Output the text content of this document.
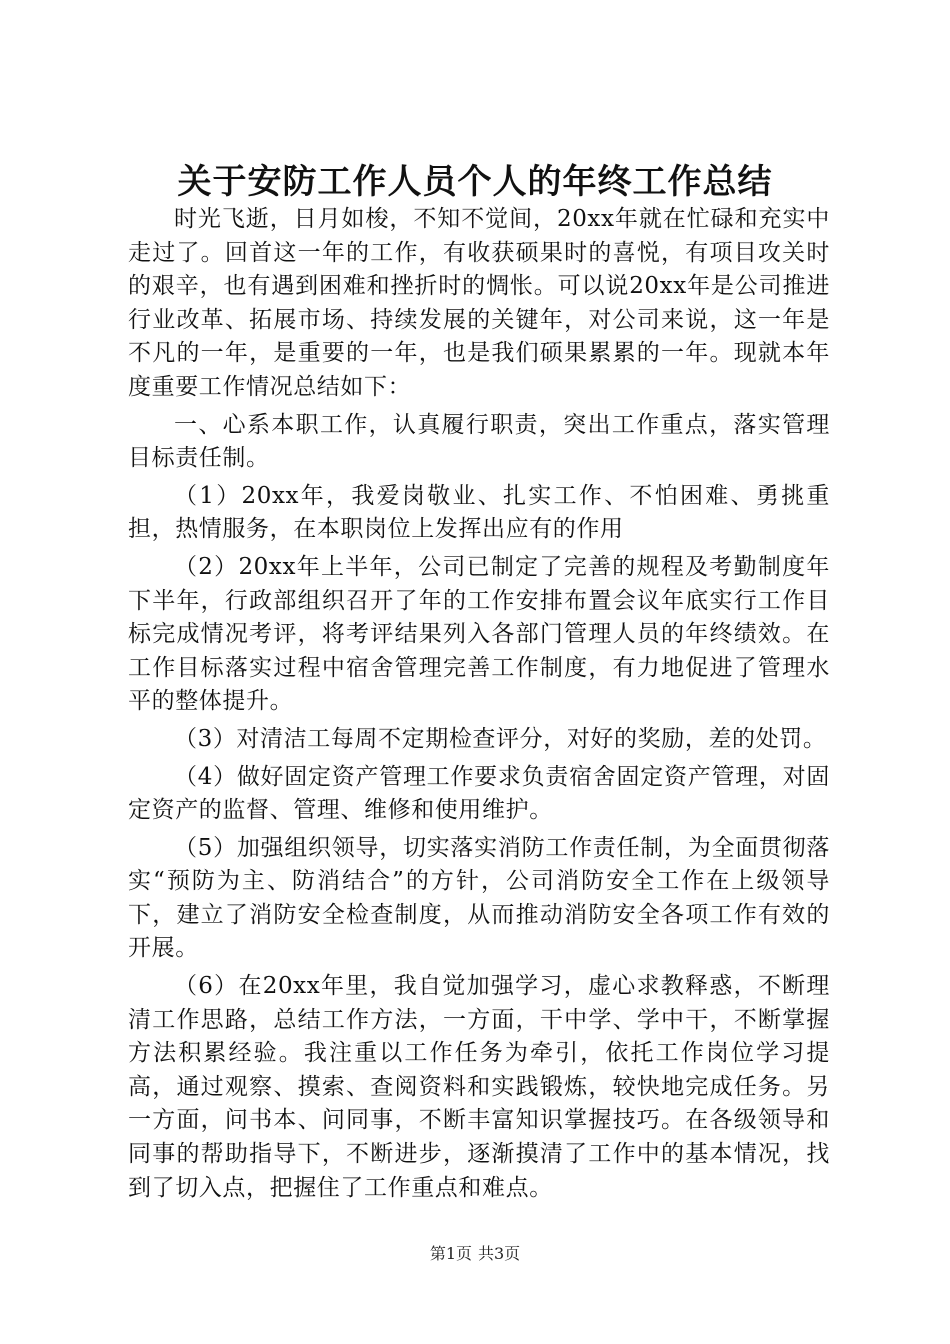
关于安防工作人员个人的年终工作总结

时光飞逝，日月如梭，不知不觉间，20xx年就在忙碌和充实中走过了。回首这一年的工作，有收获硕果时的喜悦，有项目攻关时的艰辛，也有遇到困难和挫折时的惆怅。可以说20xx年是公司推进行业改革、拓展市场、持续发展的关键年，对公司来说，这一年是不凡的一年，是重要的一年，也是我们硕果累累的一年。现就本年度重要工作情况总结如下：

一、心系本职工作，认真履行职责，突出工作重点，落实管理目标责任制。

（1）20xx年，我爱岗敬业、扎实工作、不怕困难、勇挑重担，热情服务，在本职岗位上发挥出应有的作用

（2）20xx年上半年，公司已制定了完善的规程及考勤制度年下半年，行政部组织召开了年的工作安排布置会议年底实行工作目标完成情况考评，将考评结果列入各部门管理人员的年终绩效。在工作目标落实过程中宿舍管理完善工作制度，有力地促进了管理水平的整体提升。

（3）对清洁工每周不定期检查评分，对好的奖励，差的处罚。

（4）做好固定资产管理工作要求负责宿舍固定资产管理，对固定资产的监督、管理、维修和使用维护。

（5）加强组织领导，切实落实消防工作责任制，为全面贯彻落实“预防为主、防消结合”的方针，公司消防安全工作在上级领导下，建立了消防安全检查制度，从而推动消防安全各项工作有效的开展。

（6）在20xx年里，我自觉加强学习，虚心求教释惑，不断理清工作思路，总结工作方法，一方面，干中学、学中干，不断掌握方法积累经验。我注重以工作任务为牵引，依托工作岗位学习提高，通过观察、摸索、查阅资料和实践锻炼，较快地完成任务。另一方面，问书本、问同事，不断丰富知识掌握技巧。在各级领导和同事的帮助指导下，不断进步，逐渐摸清了工作中的基本情况，找到了切入点，把握住了工作重点和难点。

第1页 共3页
